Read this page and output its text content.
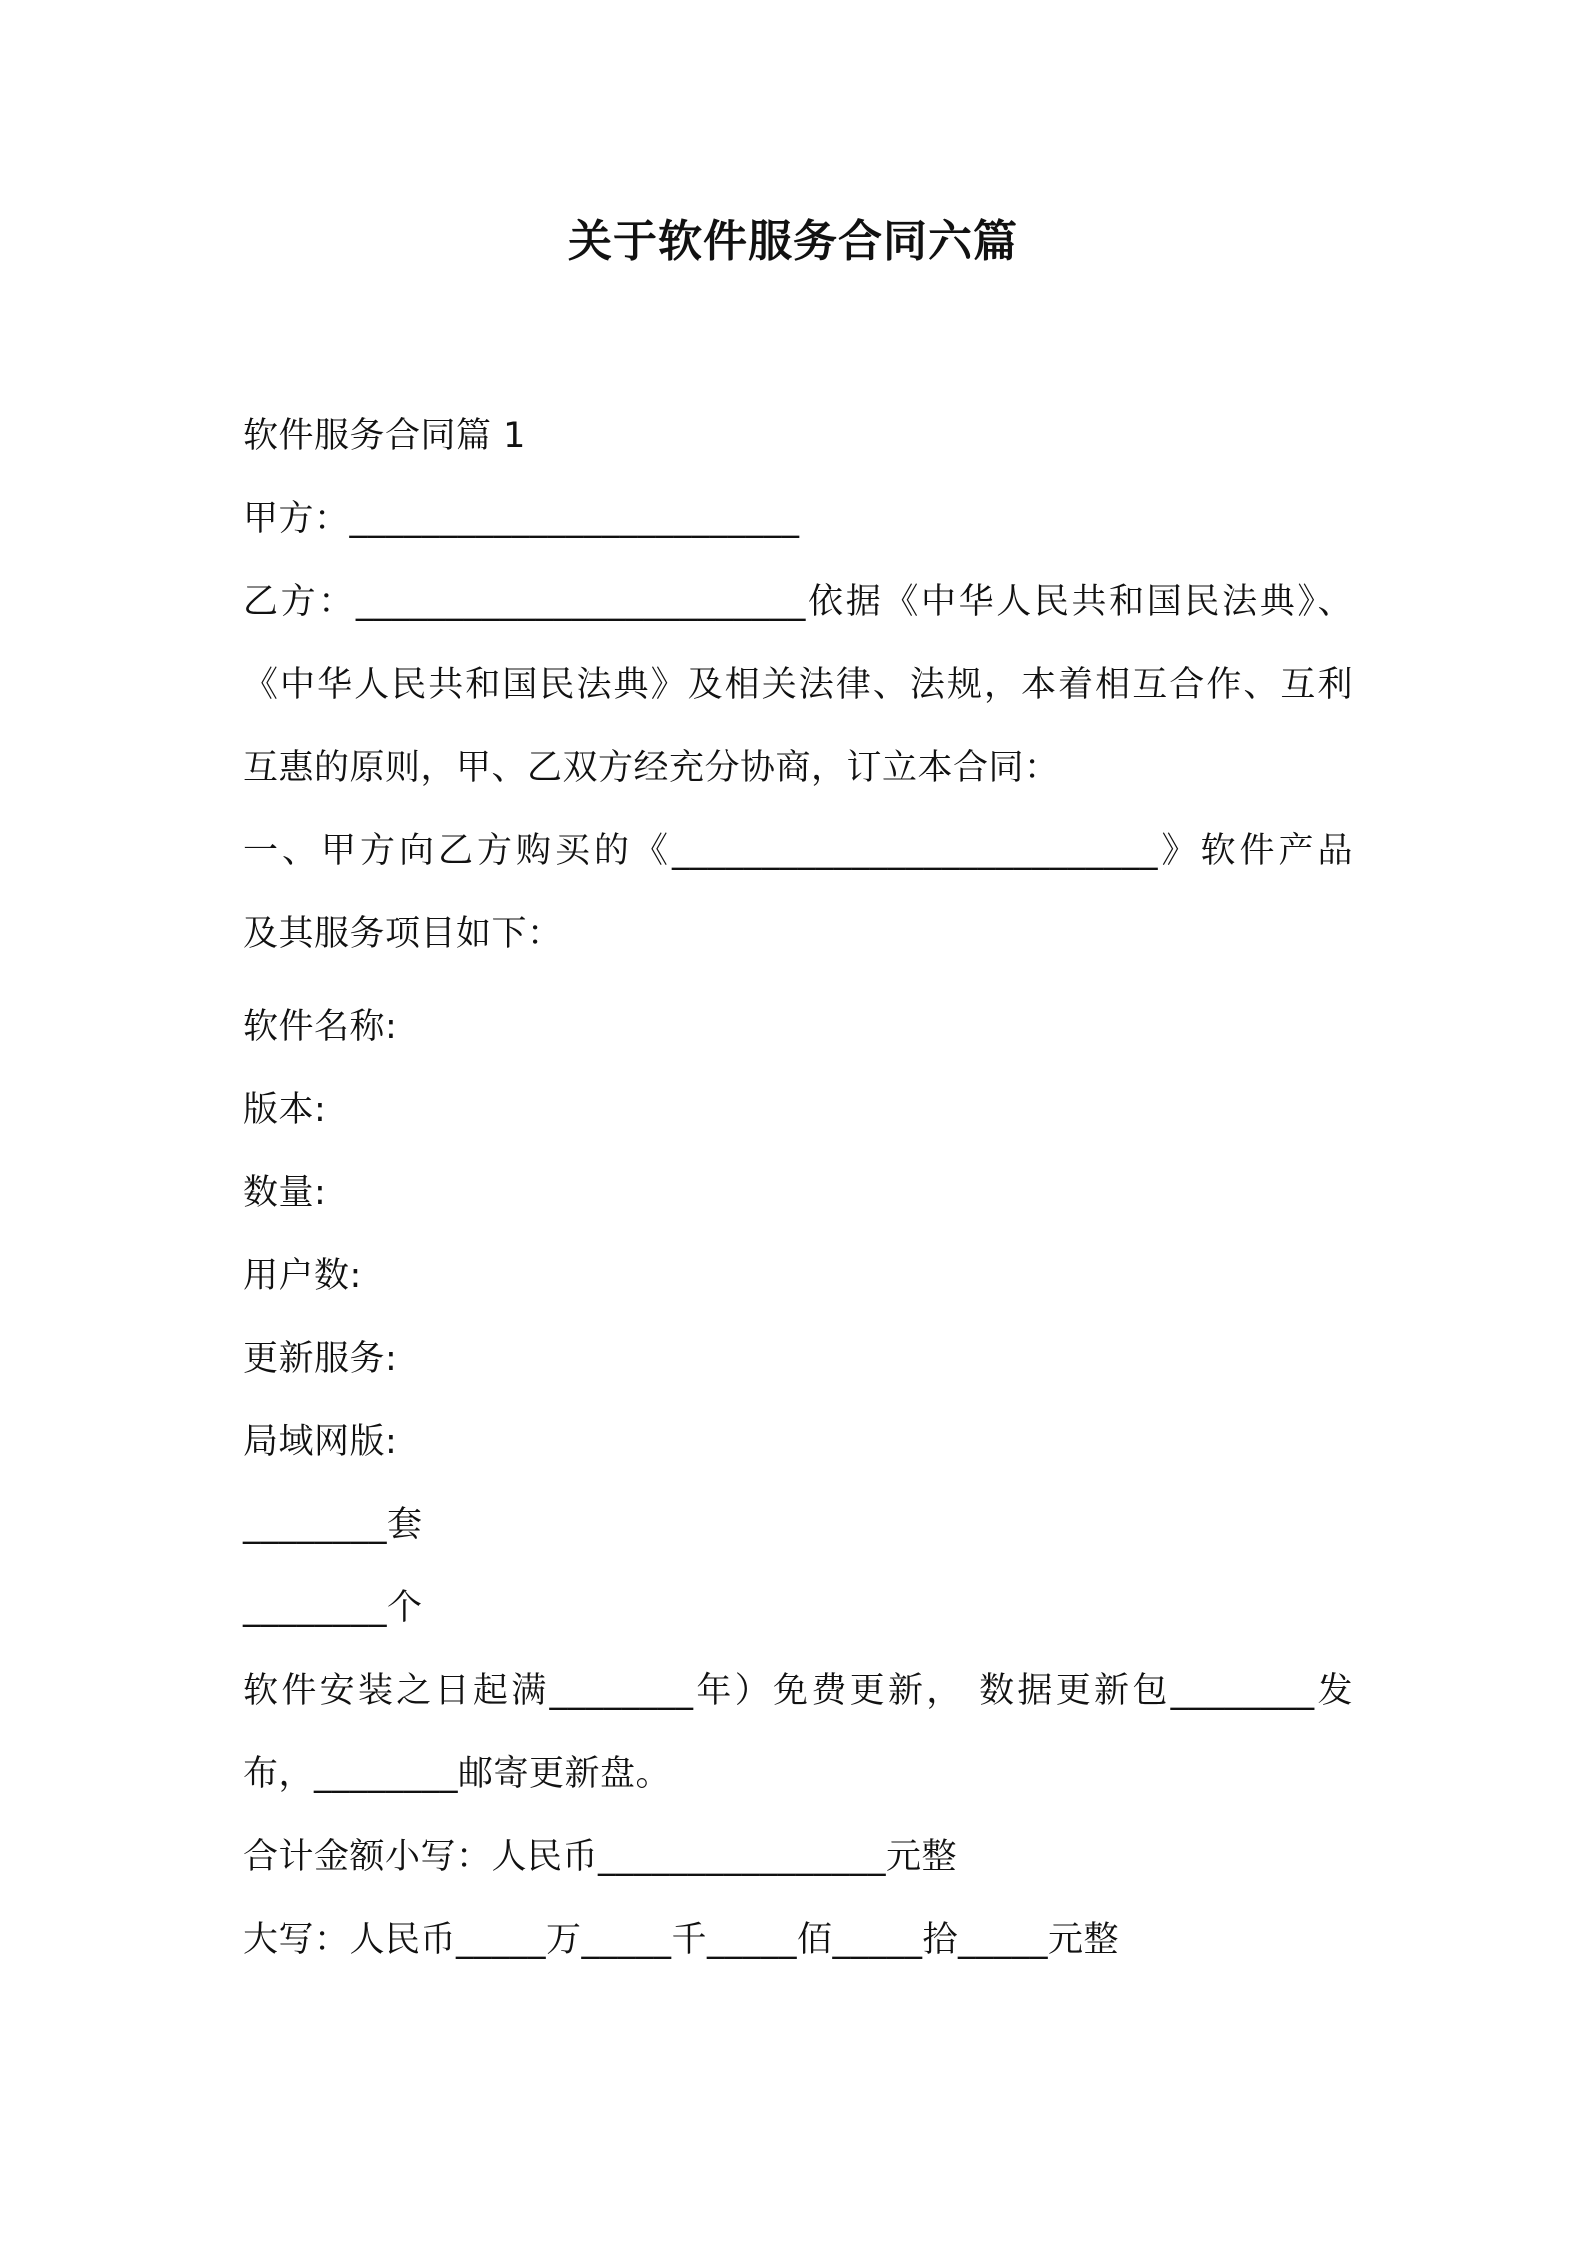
关于软件服务合同六篇
软件服务合同篇 1
甲方：_________________________
乙方：_________________________依据《中华人民共和国民法典》、
《中华人民共和国民法典》及相关法律、法规，本着相互合作、互利
互惠的原则，甲、乙双方经充分协商，订立本合同：
一、甲方向乙方购买的《___________________________》软件产品
及其服务项目如下：
软件名称:
版本:
数量:
用户数:
更新服务:
局域网版:
________套
________个
软件安装之日起满________年）免费更新， 数据更新包________发
布，________邮寄更新盘。
合计金额小写：人民币________________元整
大写：人民币_____万_____千_____佰_____拾_____元整
